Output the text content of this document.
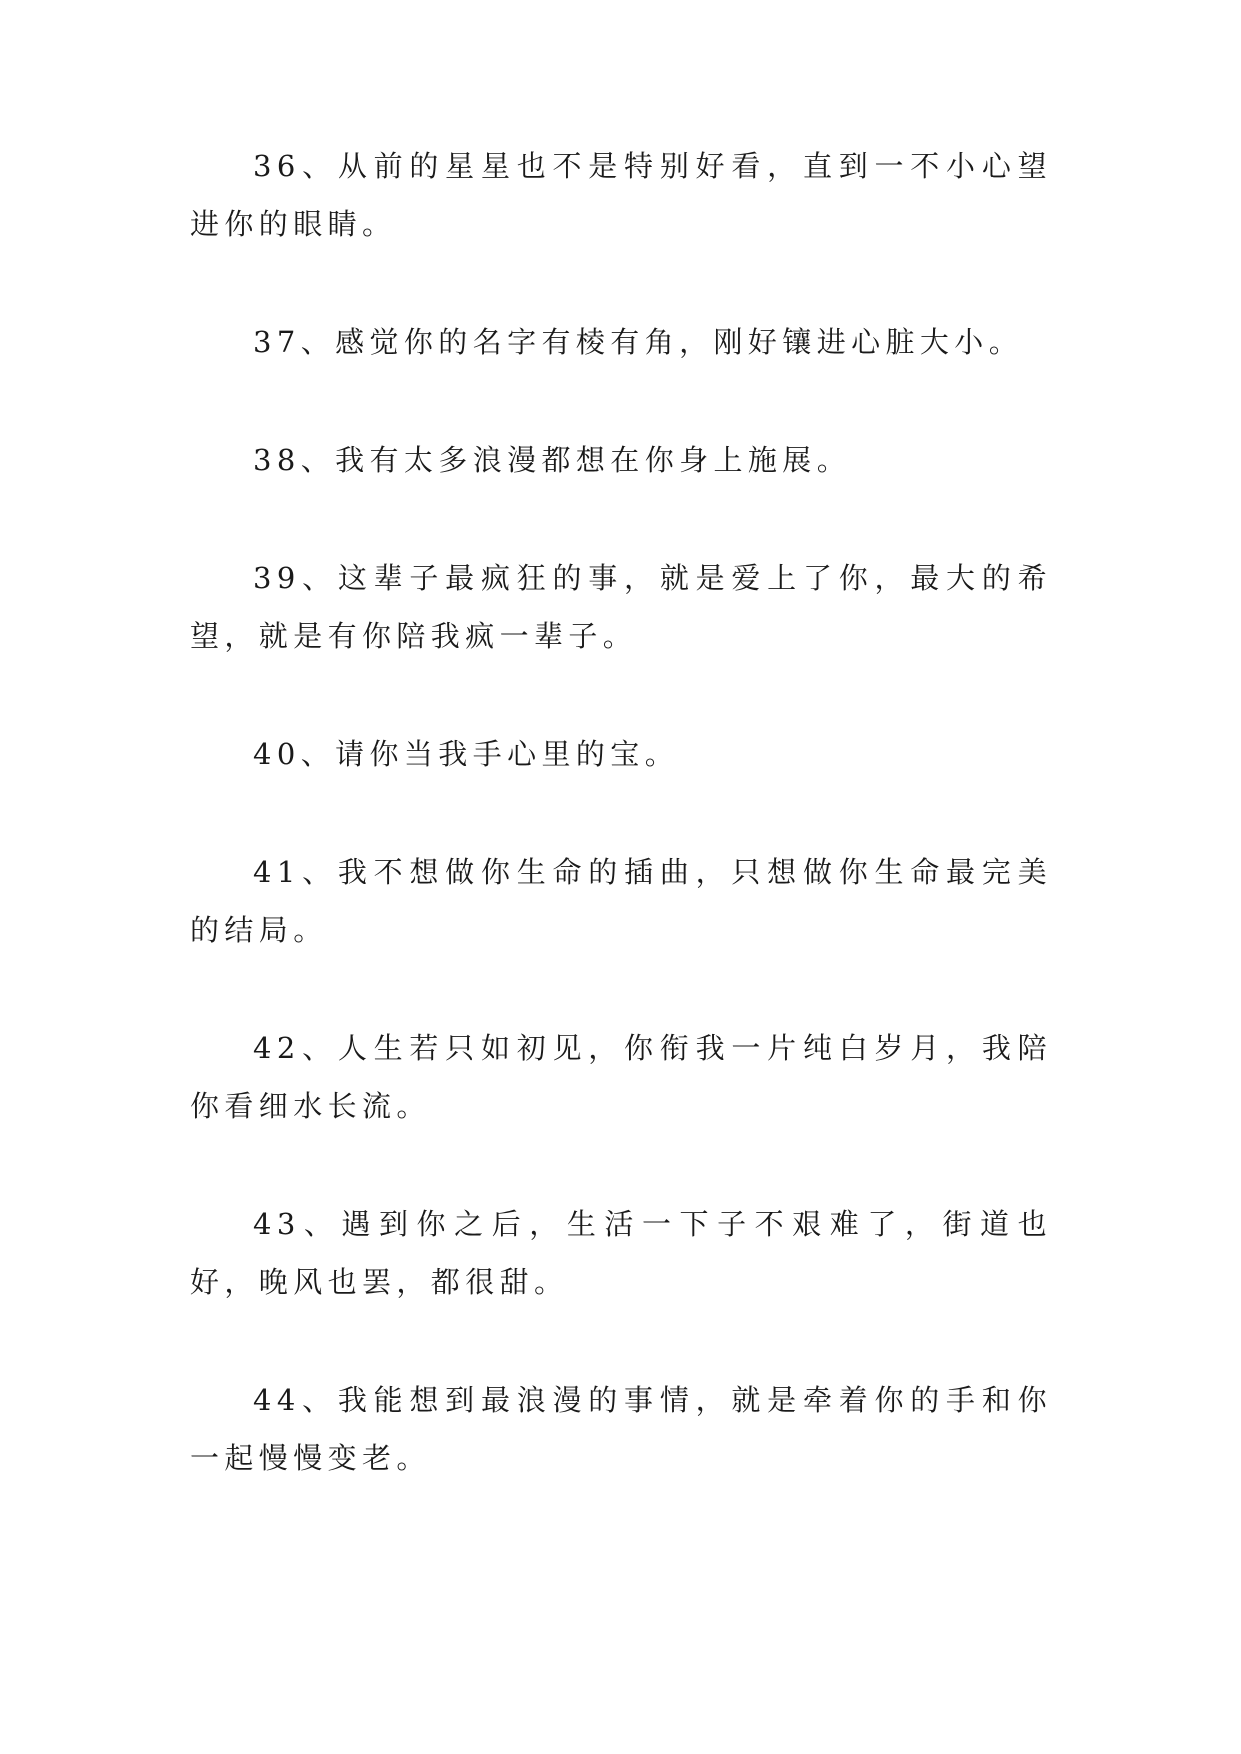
36、从前的星星也不是特别好看，直到一不小心望进你的眼睛。

37、感觉你的名字有棱有角，刚好镶进心脏大小。

38、我有太多浪漫都想在你身上施展。

39、这辈子最疯狂的事，就是爱上了你，最大的希望，就是有你陪我疯一辈子。

40、请你当我手心里的宝。

41、我不想做你生命的插曲，只想做你生命最完美的结局。

42、人生若只如初见，你衔我一片纯白岁月，我陪你看细水长流。

43、遇到你之后，生活一下子不艰难了，街道也好，晚风也罢，都很甜。

44、我能想到最浪漫的事情，就是牵着你的手和你一起慢慢变老。
